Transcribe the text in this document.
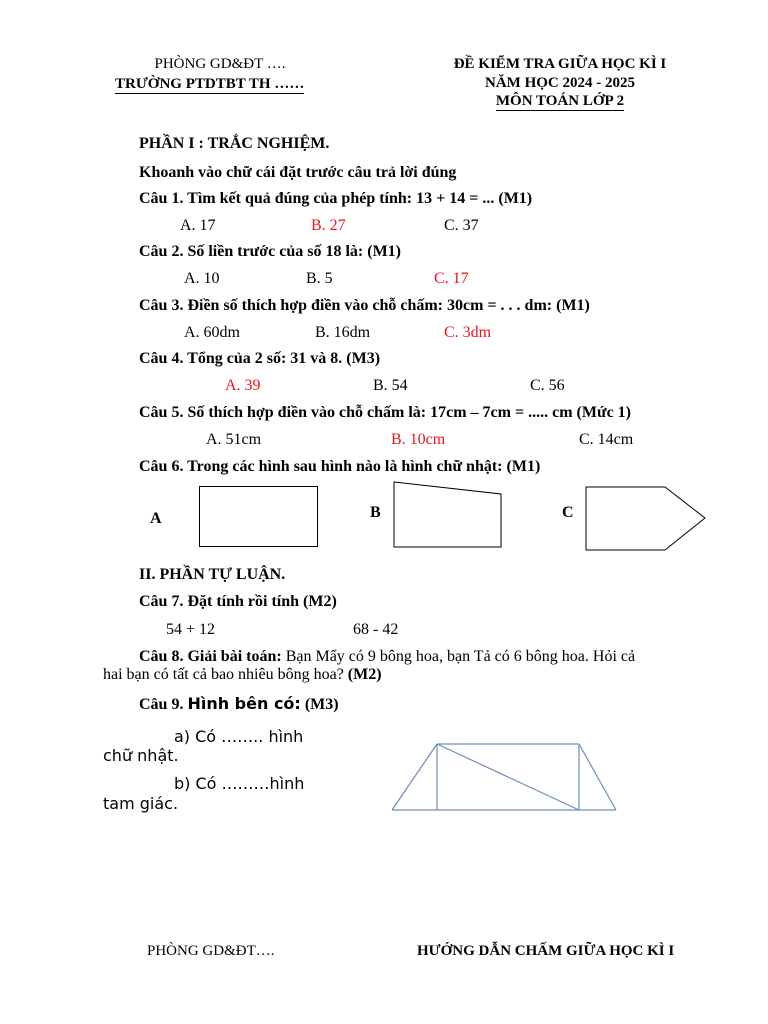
PHÒNG GD&ĐT ….
TRƯỜNG PTDTBT TH ……
ĐỀ KIỂM TRA GIỮA HỌC KÌ I
NĂM HỌC 2024 - 2025
MÔN TOÁN LỚP 2
PHẦN I : TRẮC NGHIỆM.
Khoanh vào chữ cái đặt trước câu trả lời đúng
Câu 1. Tìm kết quả đúng của phép tính: 13 + 14 = ... (M1)
A. 17	B. 27	C. 37
Câu 2. Số liền trước của số 18 là: (M1)
A. 10	B. 5	C. 17
Câu 3. Điền số thích hợp điền vào chỗ chấm: 30cm = . . . dm: (M1)
A. 60dm	B. 16dm	C. 3dm
Câu 4. Tổng của 2 số: 31 và 8. (M3)
A. 39	B. 54	C. 56
Câu 5. Số thích hợp điền vào chỗ chấm là: 17cm – 7cm = ..... cm (Mức 1)
A. 51cm	B. 10cm	C. 14cm
Câu 6. Trong các hình sau hình nào là hình chữ nhật: (M1)
A	B	C
II. PHẦN TỰ LUẬN.
Câu 7. Đặt tính rồi tính (M2)
54 + 12	68 - 42
Câu 8. Giải bài toán: Bạn Mẩy có 9 bông hoa, bạn Tả có 6 bông hoa. Hỏi cả
hai bạn có tất cả bao nhiêu bông hoa? (M2)
Câu 9. Hình bên có: (M3)
a) Có …….. hình
chữ nhật.
b) Có ………hình
tam giác.
PHÒNG GD&ĐT….	HƯỚNG DẪN CHẤM GIỮA HỌC KÌ I
